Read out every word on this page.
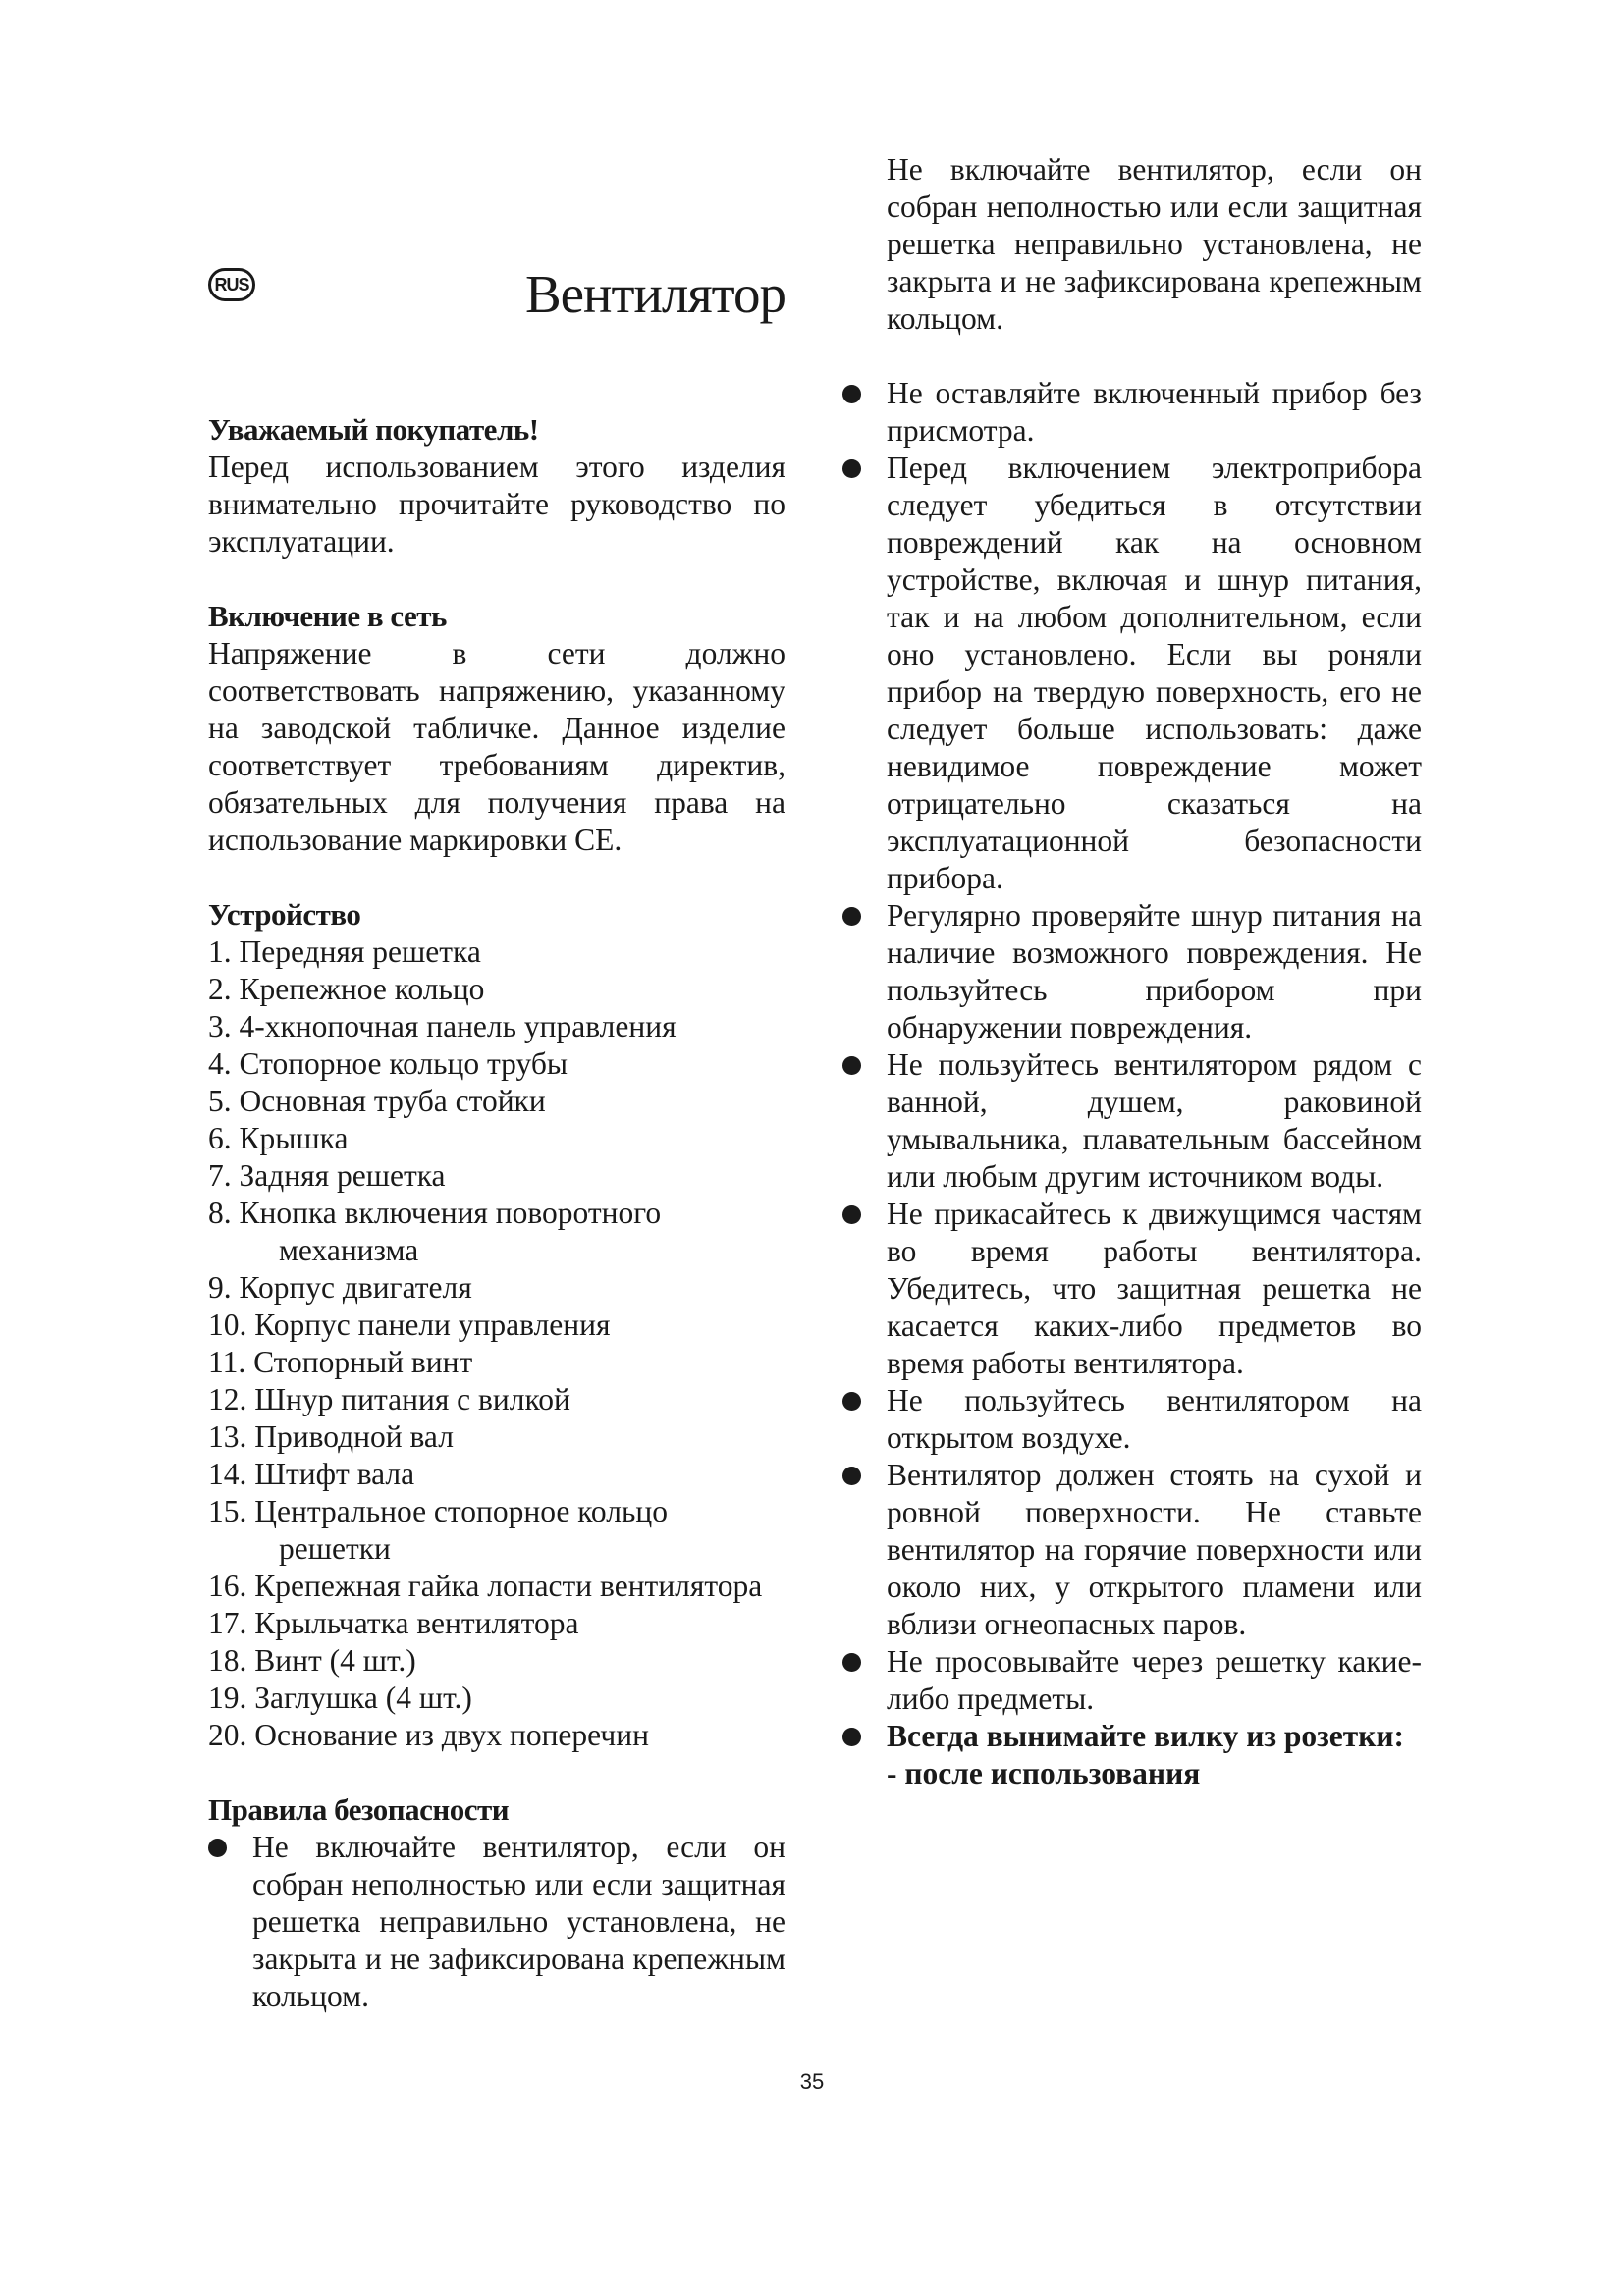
RUS	Вентилятор

Уважаемый покупатель!

Перед использованием этого изделия внимательно прочитайте руководство по эксплуатации.

Включение в сеть

Напряжение в сети должно соответствовать напряжению, указанному на заводской табличке. Данное изделие соответствует требованиям директив, обязательных для получения права на использование маркировки CE.

Устройство

1. Передняя решетка
2. Крепежное кольцо
3. 4-хкнопочная панель управления
4. Стопорное кольцо трубы
5. Основная труба стойки
6. Крышка
7. Задняя решетка
8. Кнопка включения поворотного механизма
9. Корпус двигателя
10. Корпус панели управления
11. Стопорный винт
12. Шнур питания с вилкой
13. Приводной вал
14. Штифт вала
15. Центральное стопорное кольцо решетки
16. Крепежная гайка лопасти вентилятора
17. Крыльчатка вентилятора
18. Винт (4 шт.)
19. Заглушка (4 шт.)
20. Основание из двух поперечин

Правила безопасности

Не включайте вентилятор, если он собран неполностью или если защитная решетка неправильно установлена, не закрыта и не зафиксирована крепежным кольцом.
Не включайте вентилятор, если он собран неполностью или если защитная решетка неправильно установлена, не закрыта и не зафиксирована крепежным кольцом.
Не оставляйте включенный прибор без присмотра.
Перед включением электроприбора следует убедиться в отсутствии повреждений как на основном устройстве, включая и шнур питания, так и на любом дополнительном, если оно установлено. Если вы роняли прибор на твердую поверхность, его не следует больше использовать: даже невидимое повреждение может отрицательно сказаться на эксплуатационной безопасности прибора.
Регулярно проверяйте шнур питания на наличие возможного повреждения. Не пользуйтесь прибором при обнаружении повреждения.
Не пользуйтесь вентилятором рядом с ванной, душем, раковиной умывальника, плавательным бассейном или любым другим источником воды.
Не прикасайтесь к движущимся частям во время работы вентилятора. Убедитесь, что защитная решетка не касается каких-либо предметов во время работы вентилятора.
Не пользуйтесь вентилятором на открытом воздухе.
Вентилятор должен стоять на сухой и ровной поверхности. Не ставьте вентилятор на горячие поверхности или около них, у открытого пламени или вблизи огнеопасных паров.
Не просовывайте через решетку какие-либо предметы.
Всегда вынимайте вилку из розетки:
- после использования
35
